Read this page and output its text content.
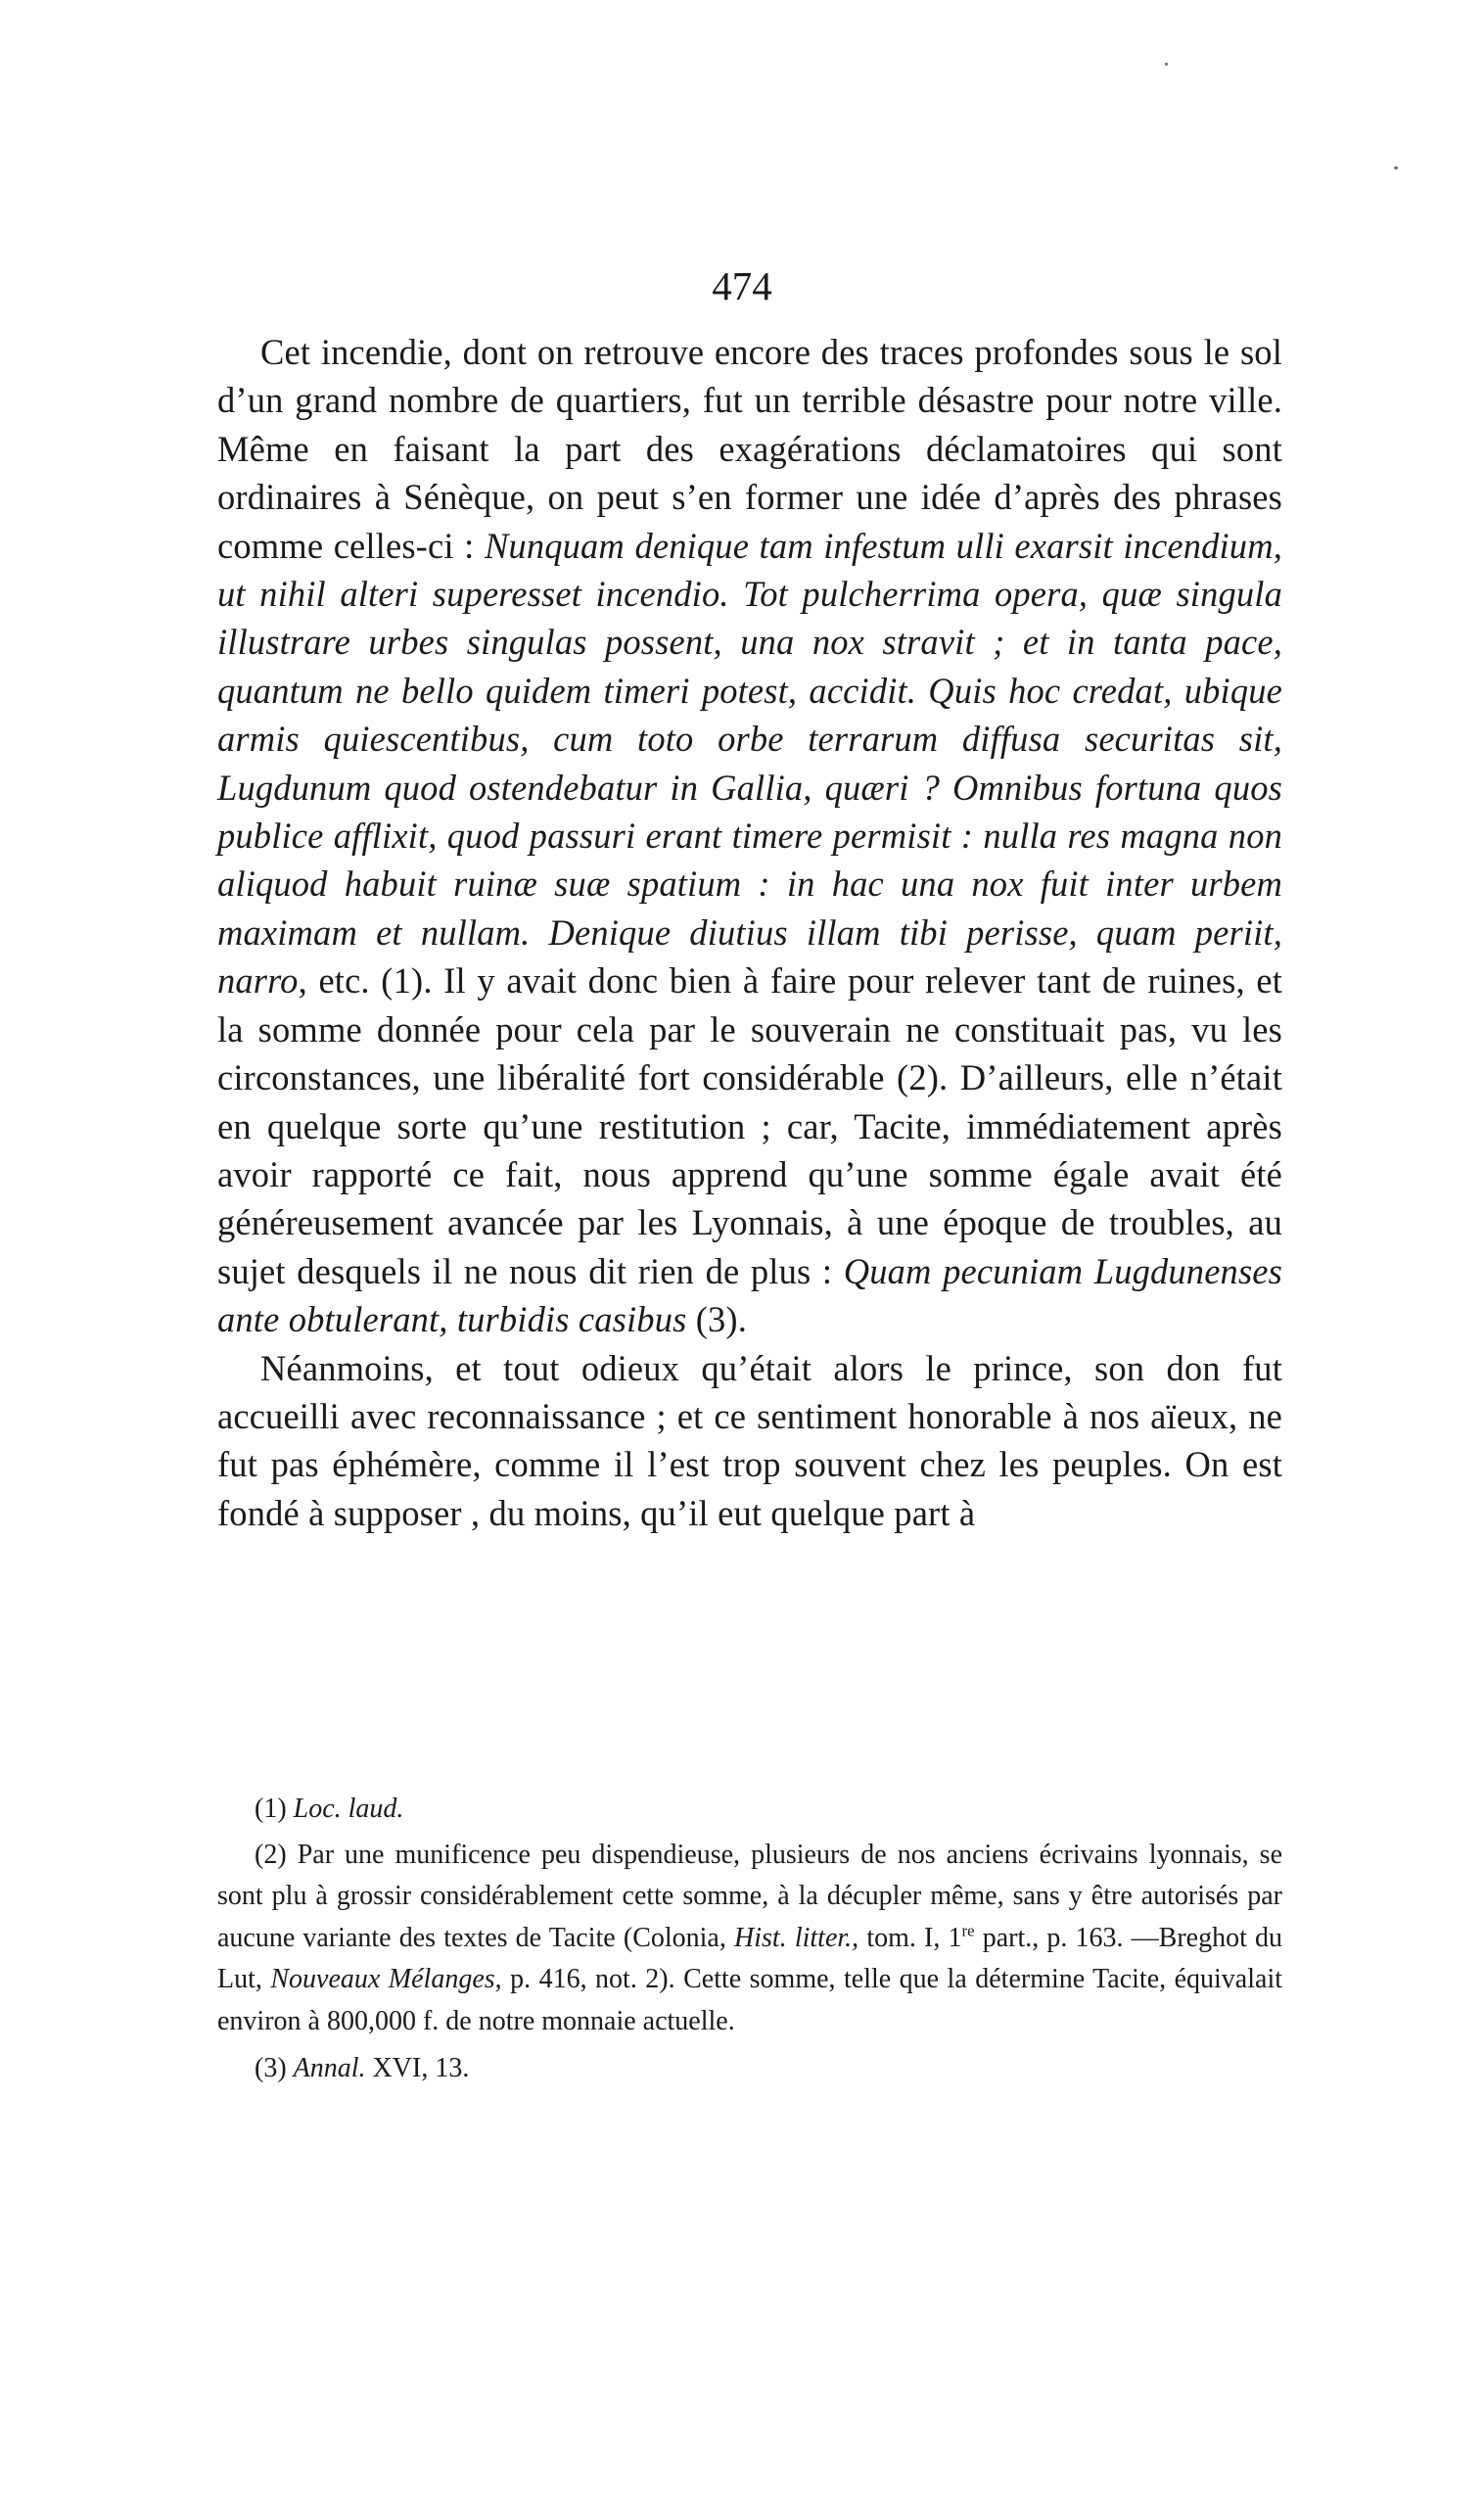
474

Cet incendie, dont on retrouve encore des traces profondes sous le sol d’un grand nombre de quartiers, fut un terrible désastre pour notre ville. Même en faisant la part des exagérations déclamatoires qui sont ordinaires à Sénèque, on peut s’en former une idée d’après des phrases comme celles-ci : Nunquam denique tam infestum ulli exarsit incendium, ut nihil alteri superesset incendio. Tot pulcherrima opera, quæ singula illustrare urbes singulas possent, una nox stravit ; et in tanta pace, quantum ne bello quidem timeri potest, accidit. Quis hoc credat, ubique armis quiescentibus, cum toto orbe terrarum diffusa securitas sit, Lugdunum quod ostendebatur in Gallia, quæri ? Omnibus fortuna quos publice afflixit, quod passuri erant timere permisit : nulla res magna non aliquod habuit ruinæ suæ spatium : in hac una nox fuit inter urbem maximam et nullam. Denique diutius illam tibi perisse, quam periit, narro, etc. (1). Il y avait donc bien à faire pour relever tant de ruines, et la somme donnée pour cela par le souverain ne constituait pas, vu les circonstances, une libéralité fort considérable (2). D’ailleurs, elle n’était en quelque sorte qu’une restitution ; car, Tacite, immédiatement après avoir rapporté ce fait, nous apprend qu’une somme égale avait été généreusement avancée par les Lyonnais, à une époque de troubles, au sujet desquels il ne nous dit rien de plus : Quam pecuniam Lugdunenses ante obtulerant, turbidis casibus (3).

Néanmoins, et tout odieux qu’était alors le prince, son don fut accueilli avec reconnaissance ; et ce sentiment honorable à nos aïeux, ne fut pas éphémère, comme il l’est trop souvent chez les peuples. On est fondé à supposer , du moins, qu’il eut quelque part à

(1) Loc. laud.

(2) Par une munificence peu dispendieuse, plusieurs de nos anciens écrivains lyonnais, se sont plu à grossir considérablement cette somme, à la décupler même, sans y être autorisés par aucune variante des textes de Tacite (Colonia, Hist. litter., tom. I, 1re part., p. 163. —Breghot du Lut, Nouveaux Mélanges, p. 416, not. 2). Cette somme, telle que la détermine Tacite, équivalait environ à 800,000 f. de notre monnaie actuelle.

(3) Annal. XVI, 13.
